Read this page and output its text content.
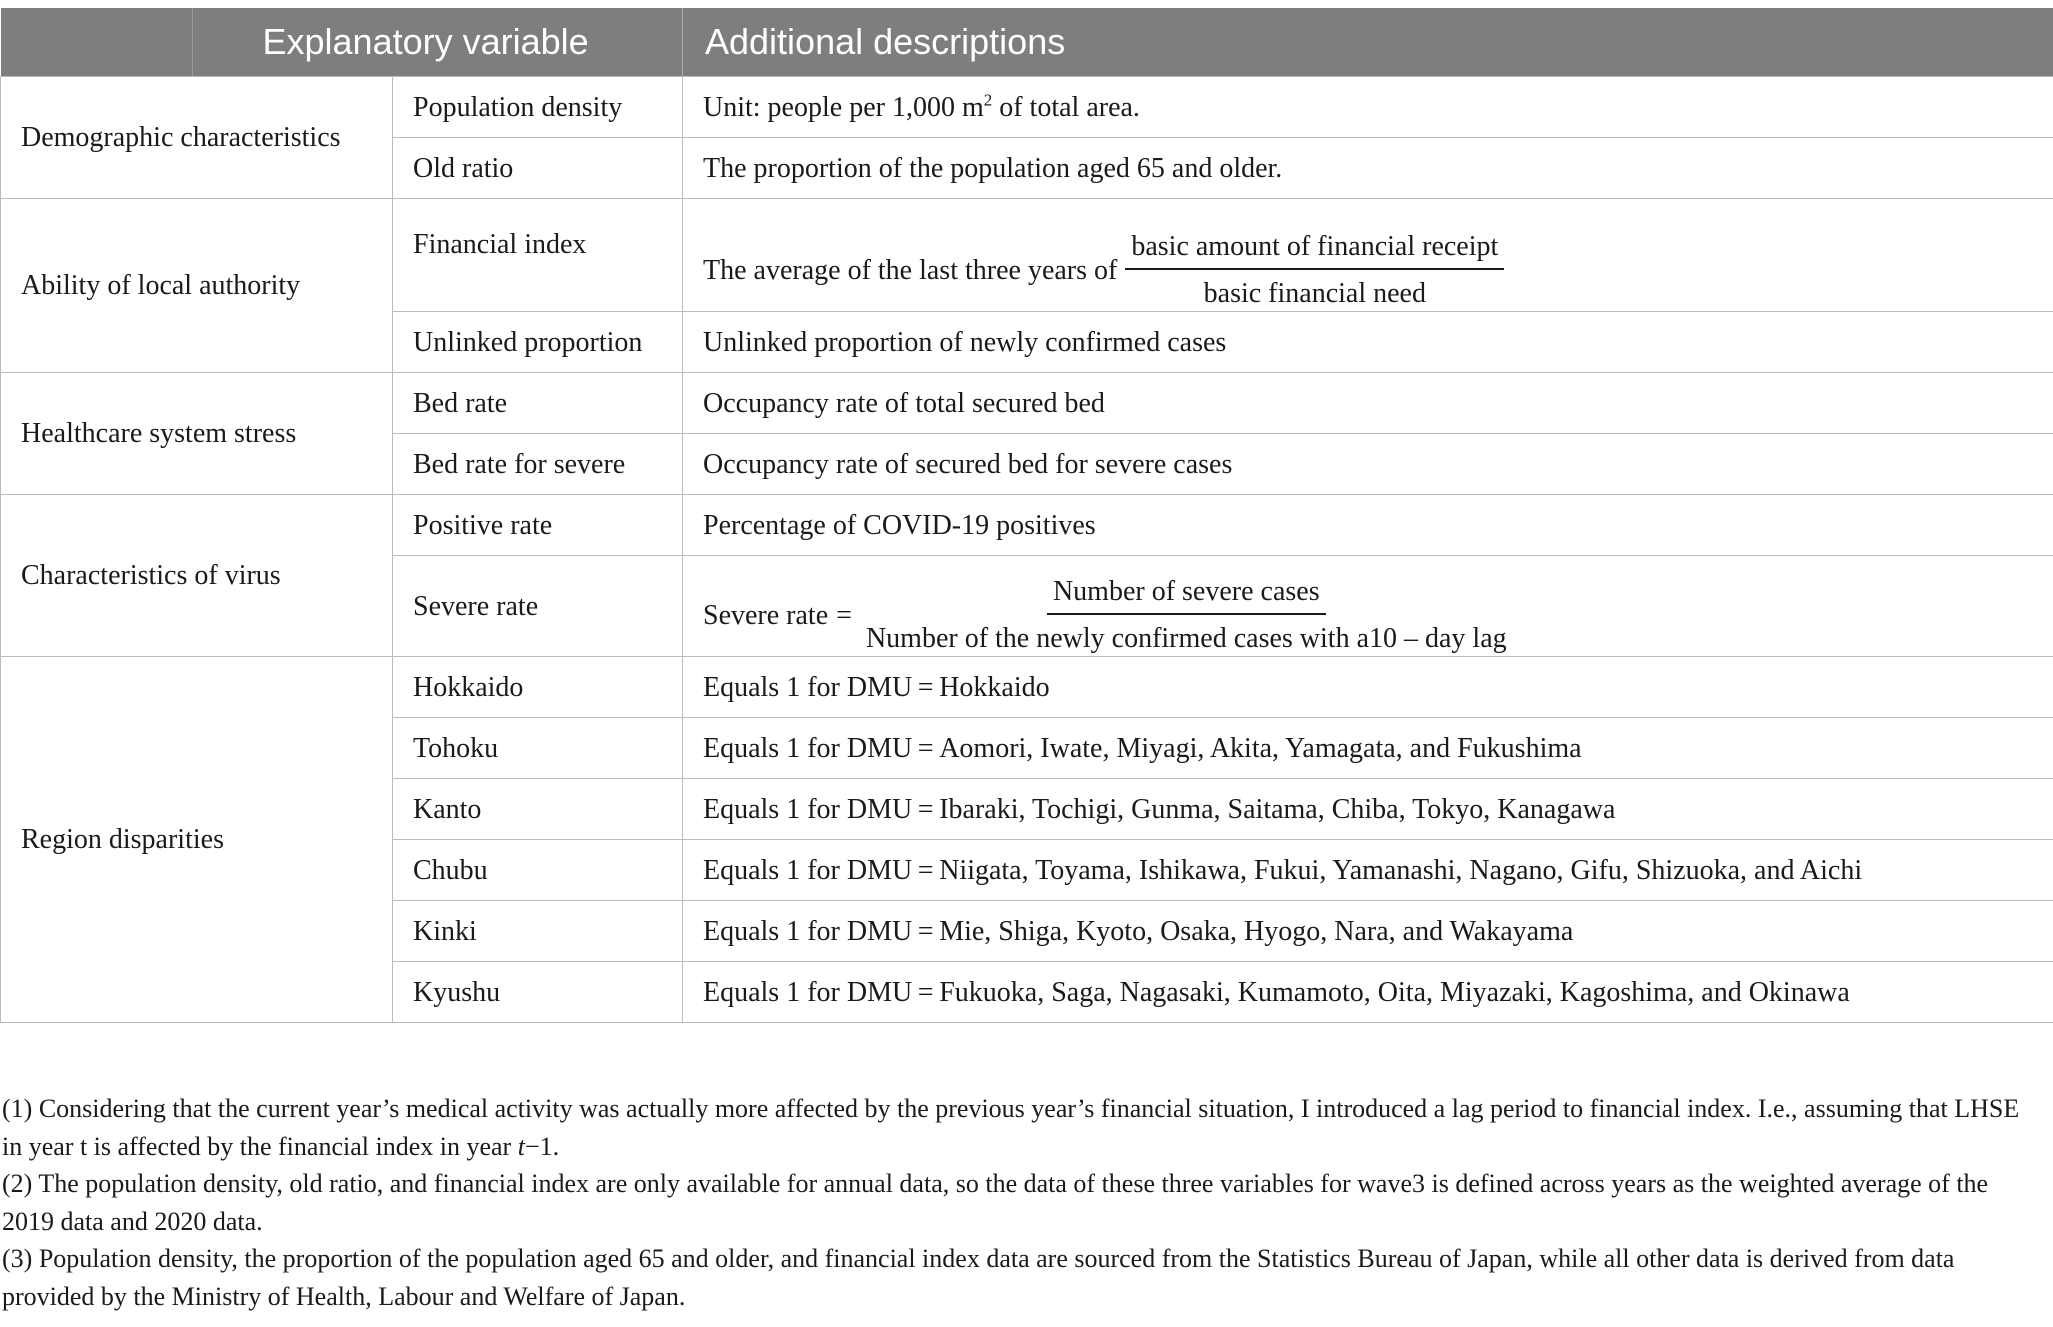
Explanatory variable		Additional descriptions
Demographic characteristics	Population density	Unit: people per 1,000 $m^2$ of total area.
	Old ratio	The proportion of the population aged 65 and older.
Ability of local authority	Financial index	The average of the last three years of $\frac{\text{basic amount of financial receipt}}{\text{basic financial need}}$

	Unlinked proportion	Unlinked proportion of newly confirmed cases
Healthcare system stress	Bed rate	Occupancy rate of total secured bed
	Bed rate for severe	Occupancy rate of secured bed for severe cases
Characteristics of virus	Positive rate	Percentage of COVID-19 positives
	Severe rate	Severe rate = $\frac{\text{Number of severe cases}}{\text{Number of the newly confirmed cases with a10 – day lag}}$

Region disparities	Hokkaido	Equals 1 for DMU = Hokkaido
	Tohoku	Equals 1 for DMU = Aomori, Iwate, Miyagi, Akita, Yamagata, and Fukushima
	Kanto	Equals 1 for DMU = Ibaraki, Tochigi, Gunma, Saitama, Chiba, Tokyo, Kanagawa
	Chubu	Equals 1 for DMU = Niigata, Toyama, Ishikawa, Fukui, Yamanashi, Nagano, Gifu, Shizuoka, and Aichi
	Kinki	Equals 1 for DMU = Mie, Shiga, Kyoto, Osaka, Hyogo, Nara, and Wakayama
	Kyushu	Equals 1 for DMU = Fukuoka, Saga, Nagasaki, Kumamoto, Oita, Miyazaki, Kagoshima, and Okinawa

(1) Considering that the current year’s medical activity was actually more affected by the previous year’s financial situation, I introduced a lag period to financial index. I.e., assuming that LHSE in year t is affected by the financial index in year t−1.

(2) The population density, old ratio, and financial index are only available for annual data, so the data of these three variables for wave3 is defined across years as the weighted average of the 2019 data and 2020 data.

(3) Population density, the proportion of the population aged 65 and older, and financial index data are sourced from the Statistics Bureau of Japan, while all other data is derived from data provided by the Ministry of Health, Labour and Welfare of Japan.
